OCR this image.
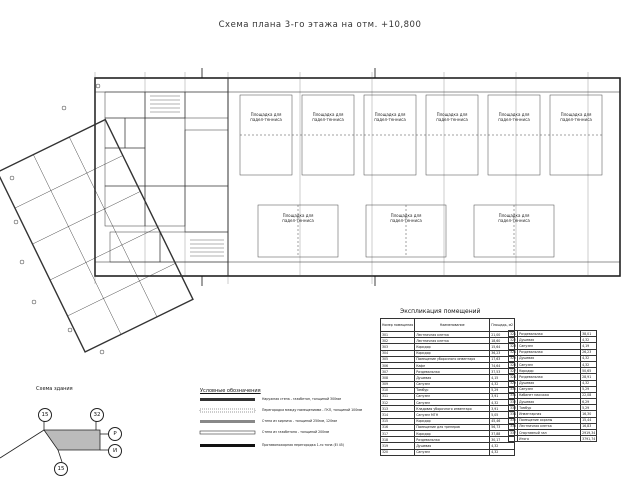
Схема плана 3-го этажа на отм. +10,800
Площадка для падел-тенниса
Площадка для падел-тенниса
Площадка для падел-тенниса
Площадка для падел-тенниса
Площадка для падел-тенниса
Площадка для падел-тенниса
Площадка для падел-тенниса
Площадка для падел-тенниса
Площадка для падел-тенниса
Схема здания
15	32
Р
И
15
Условные обозначения
Наружная стена - газобетон, толщиной 300мм
Перегородка между помещениями - ГКЛ, толщиной 100мм
Стена из кирпича - толщиной 250мм, 120мм
Стена из газобетона - толщиной 200мм
Противопожарная перегородка 1-го типа (EI 45)
Экспликация помещений
Номер помещения	Наименование	Площадь, м2
301	Лестничная клетка	21,00
302	Лестничная клетка	18,60
303	Коридор	15,64
304	Коридор	36,23
305	Помещение уборочного инвентаря	17,63
306	Кафе	74,64
307	Раздевальная	37,53
308	Душевая	4,15
309	Санузел	4,32
310	Тамбур	5,29
311	Санузел	3,91
312	Санузел	4,32
313	Кладовая уборочного инвентаря	3,91
314	Санузел МГН	5,05
315	Коридор	45,46
316	Помещение для тренеров	56,73
317	Коридор	37,88
318	Раздевальная	30,17
319	Душевая	4,32
320	Санузел	4,32
321	Раздевальная	38,01
322	Душевая	4,32
323	Санузел	4,19
324	Раздевальная	26,23
325	Душевая	4,32
326	Санузел	4,32
327	Коридор	50,65
328	Раздевальная	28,91
329	Душевая	4,32
330	Санузел	5,29
331	Кабинет массажа	22,08
332	Душевая	6,29
333	Тамбур	5,29
334	Инвентарная	16,30
335	Помещение охраны	15,44
336	Лестничная клетка	16,83
337	Спортивный зал	2919,34
	Итого	3791,74
